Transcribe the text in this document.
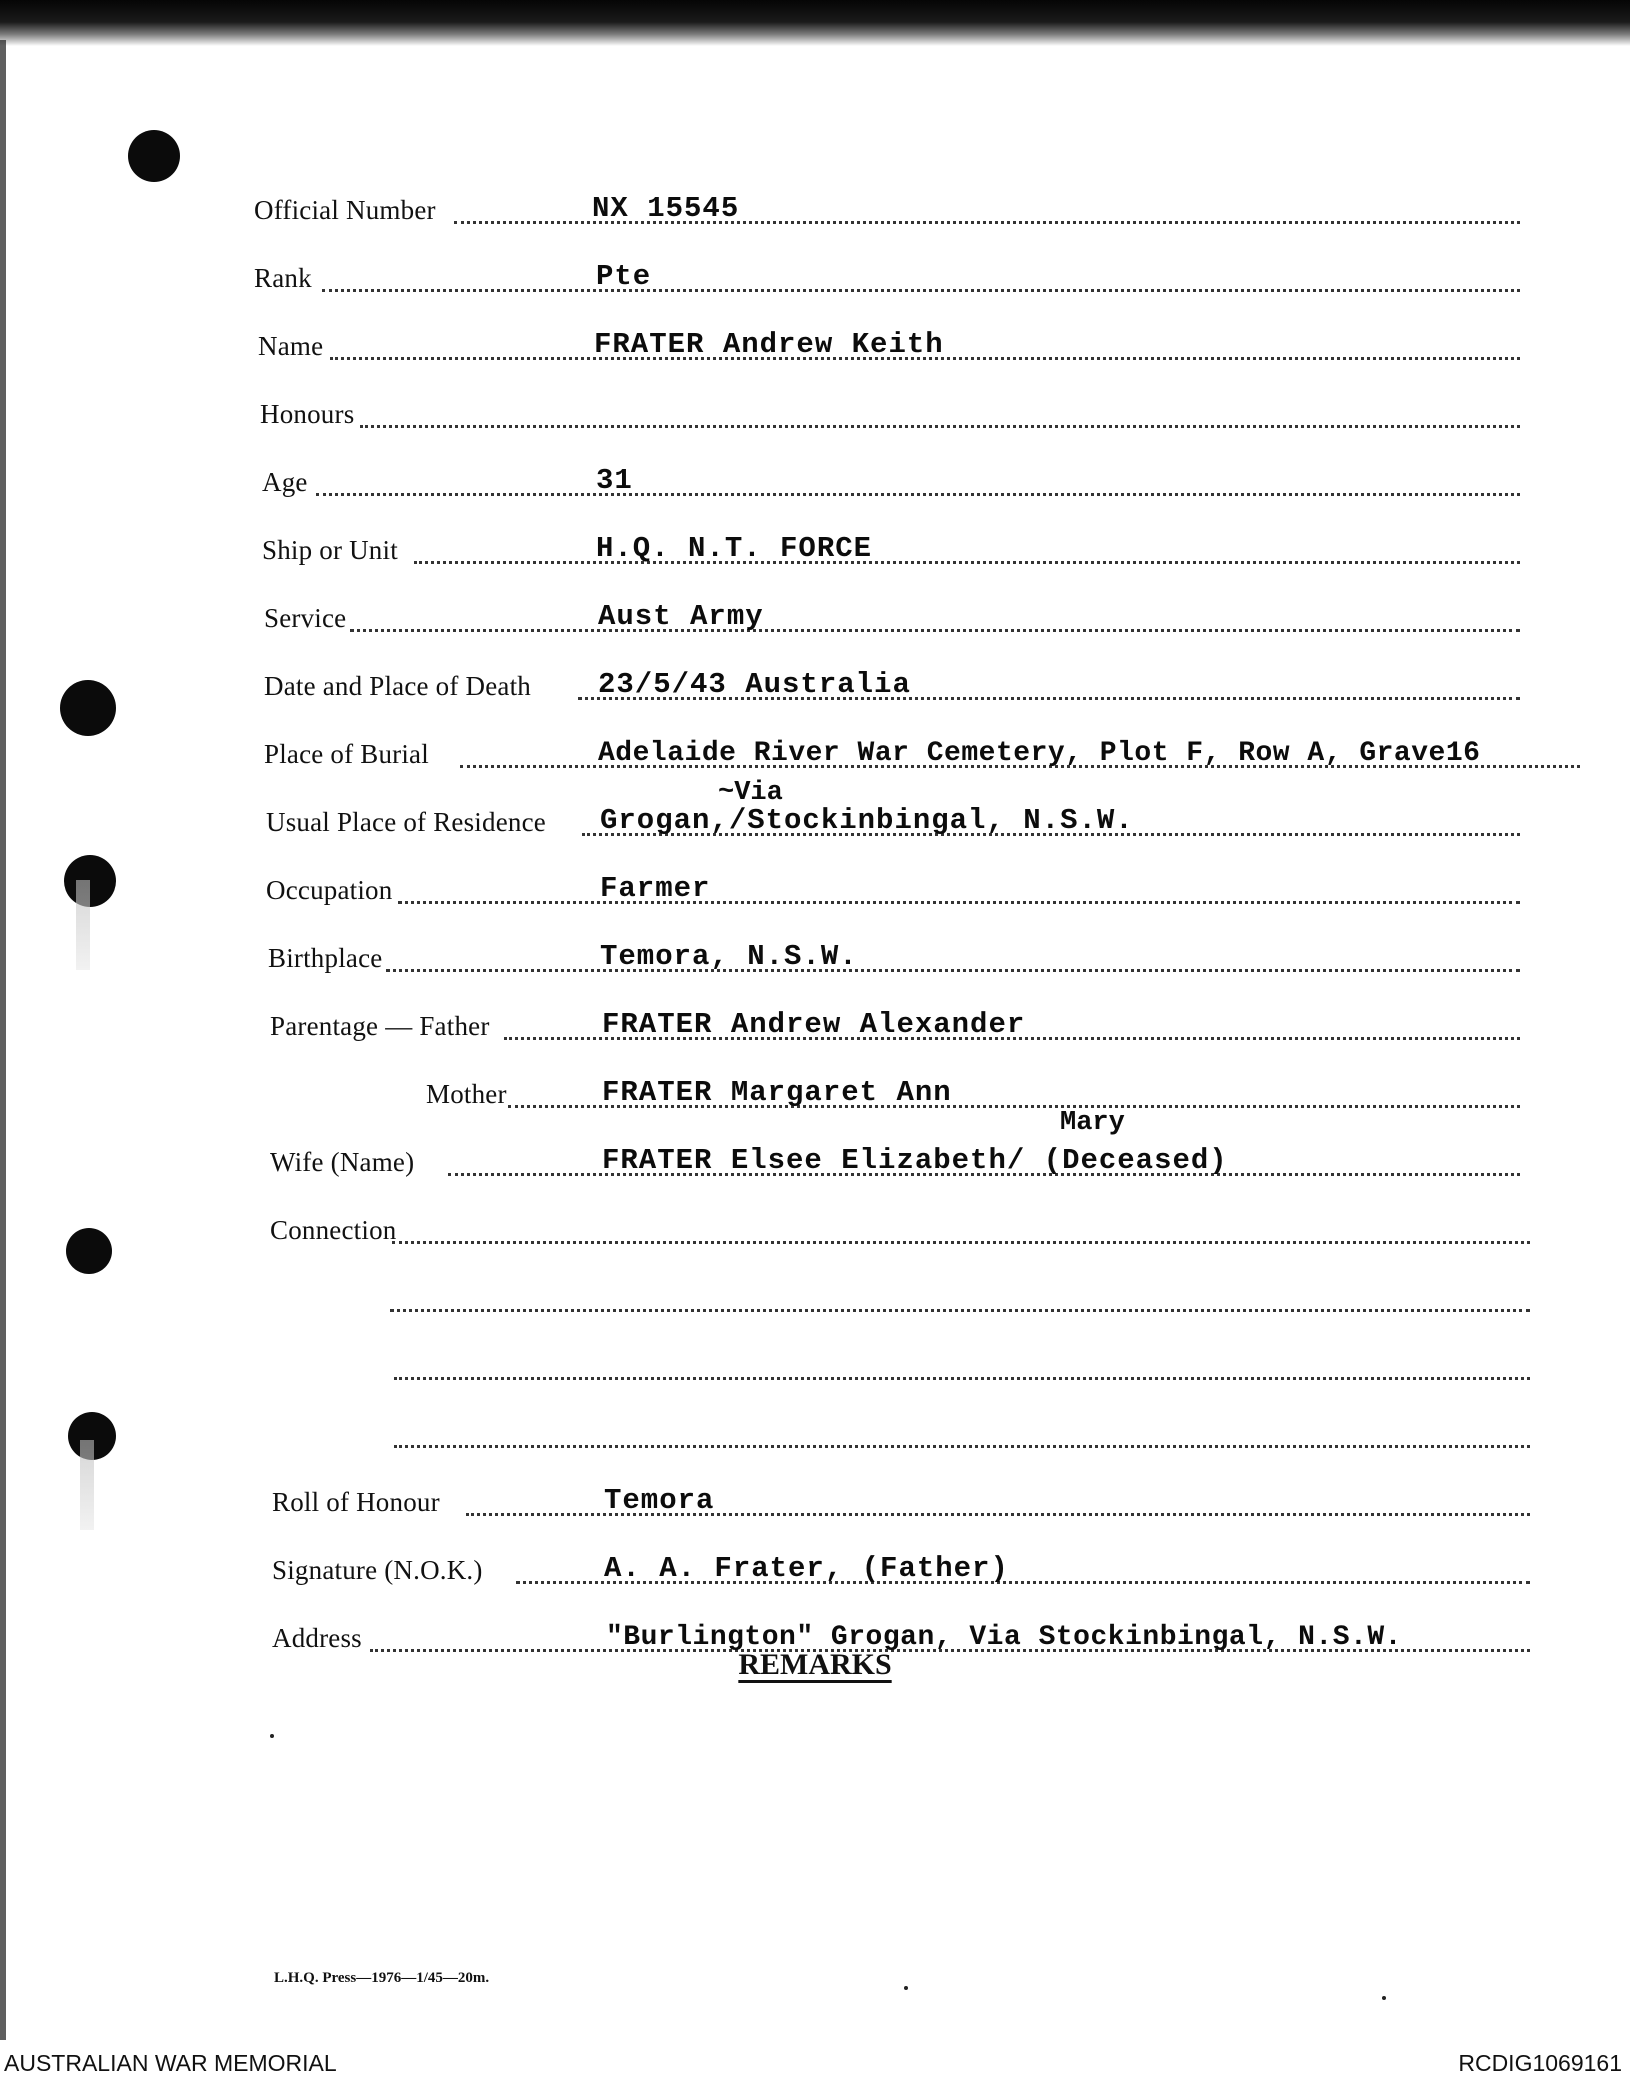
Official Number	NX 15545
Rank	Pte
Name	FRATER Andrew Keith
Honours
Age	31
Ship or Unit	H.Q. N.T. FORCE
Service	Aust Army
Date and Place of Death 23/5/43 Australia
Place of Burial	Adelaide River War Cemetery, Plot F, Row A, Grave16
~Via
Usual Place of Residence Grogan,/Stockinbingal, N.S.W.
Occupation	Farmer
Birthplace	Temora, N.S.W.
Parentage — Father	FRATER Andrew Alexander
Mother	FRATER Margaret Ann
Mary
Wife (Name)	FRATER Elsee Elizabeth/ (Deceased)
Connection
Roll of Honour	Temora
Signature (N.O.K.)	A. A. Frater, (Father)
Address	"Burlington" Grogan, Via Stockinbingal, N.S.W.
REMARKS
L.H.Q. Press—1976—1/45—20m.
AUSTRALIAN WAR MEMORIAL	RCDIG1069161
